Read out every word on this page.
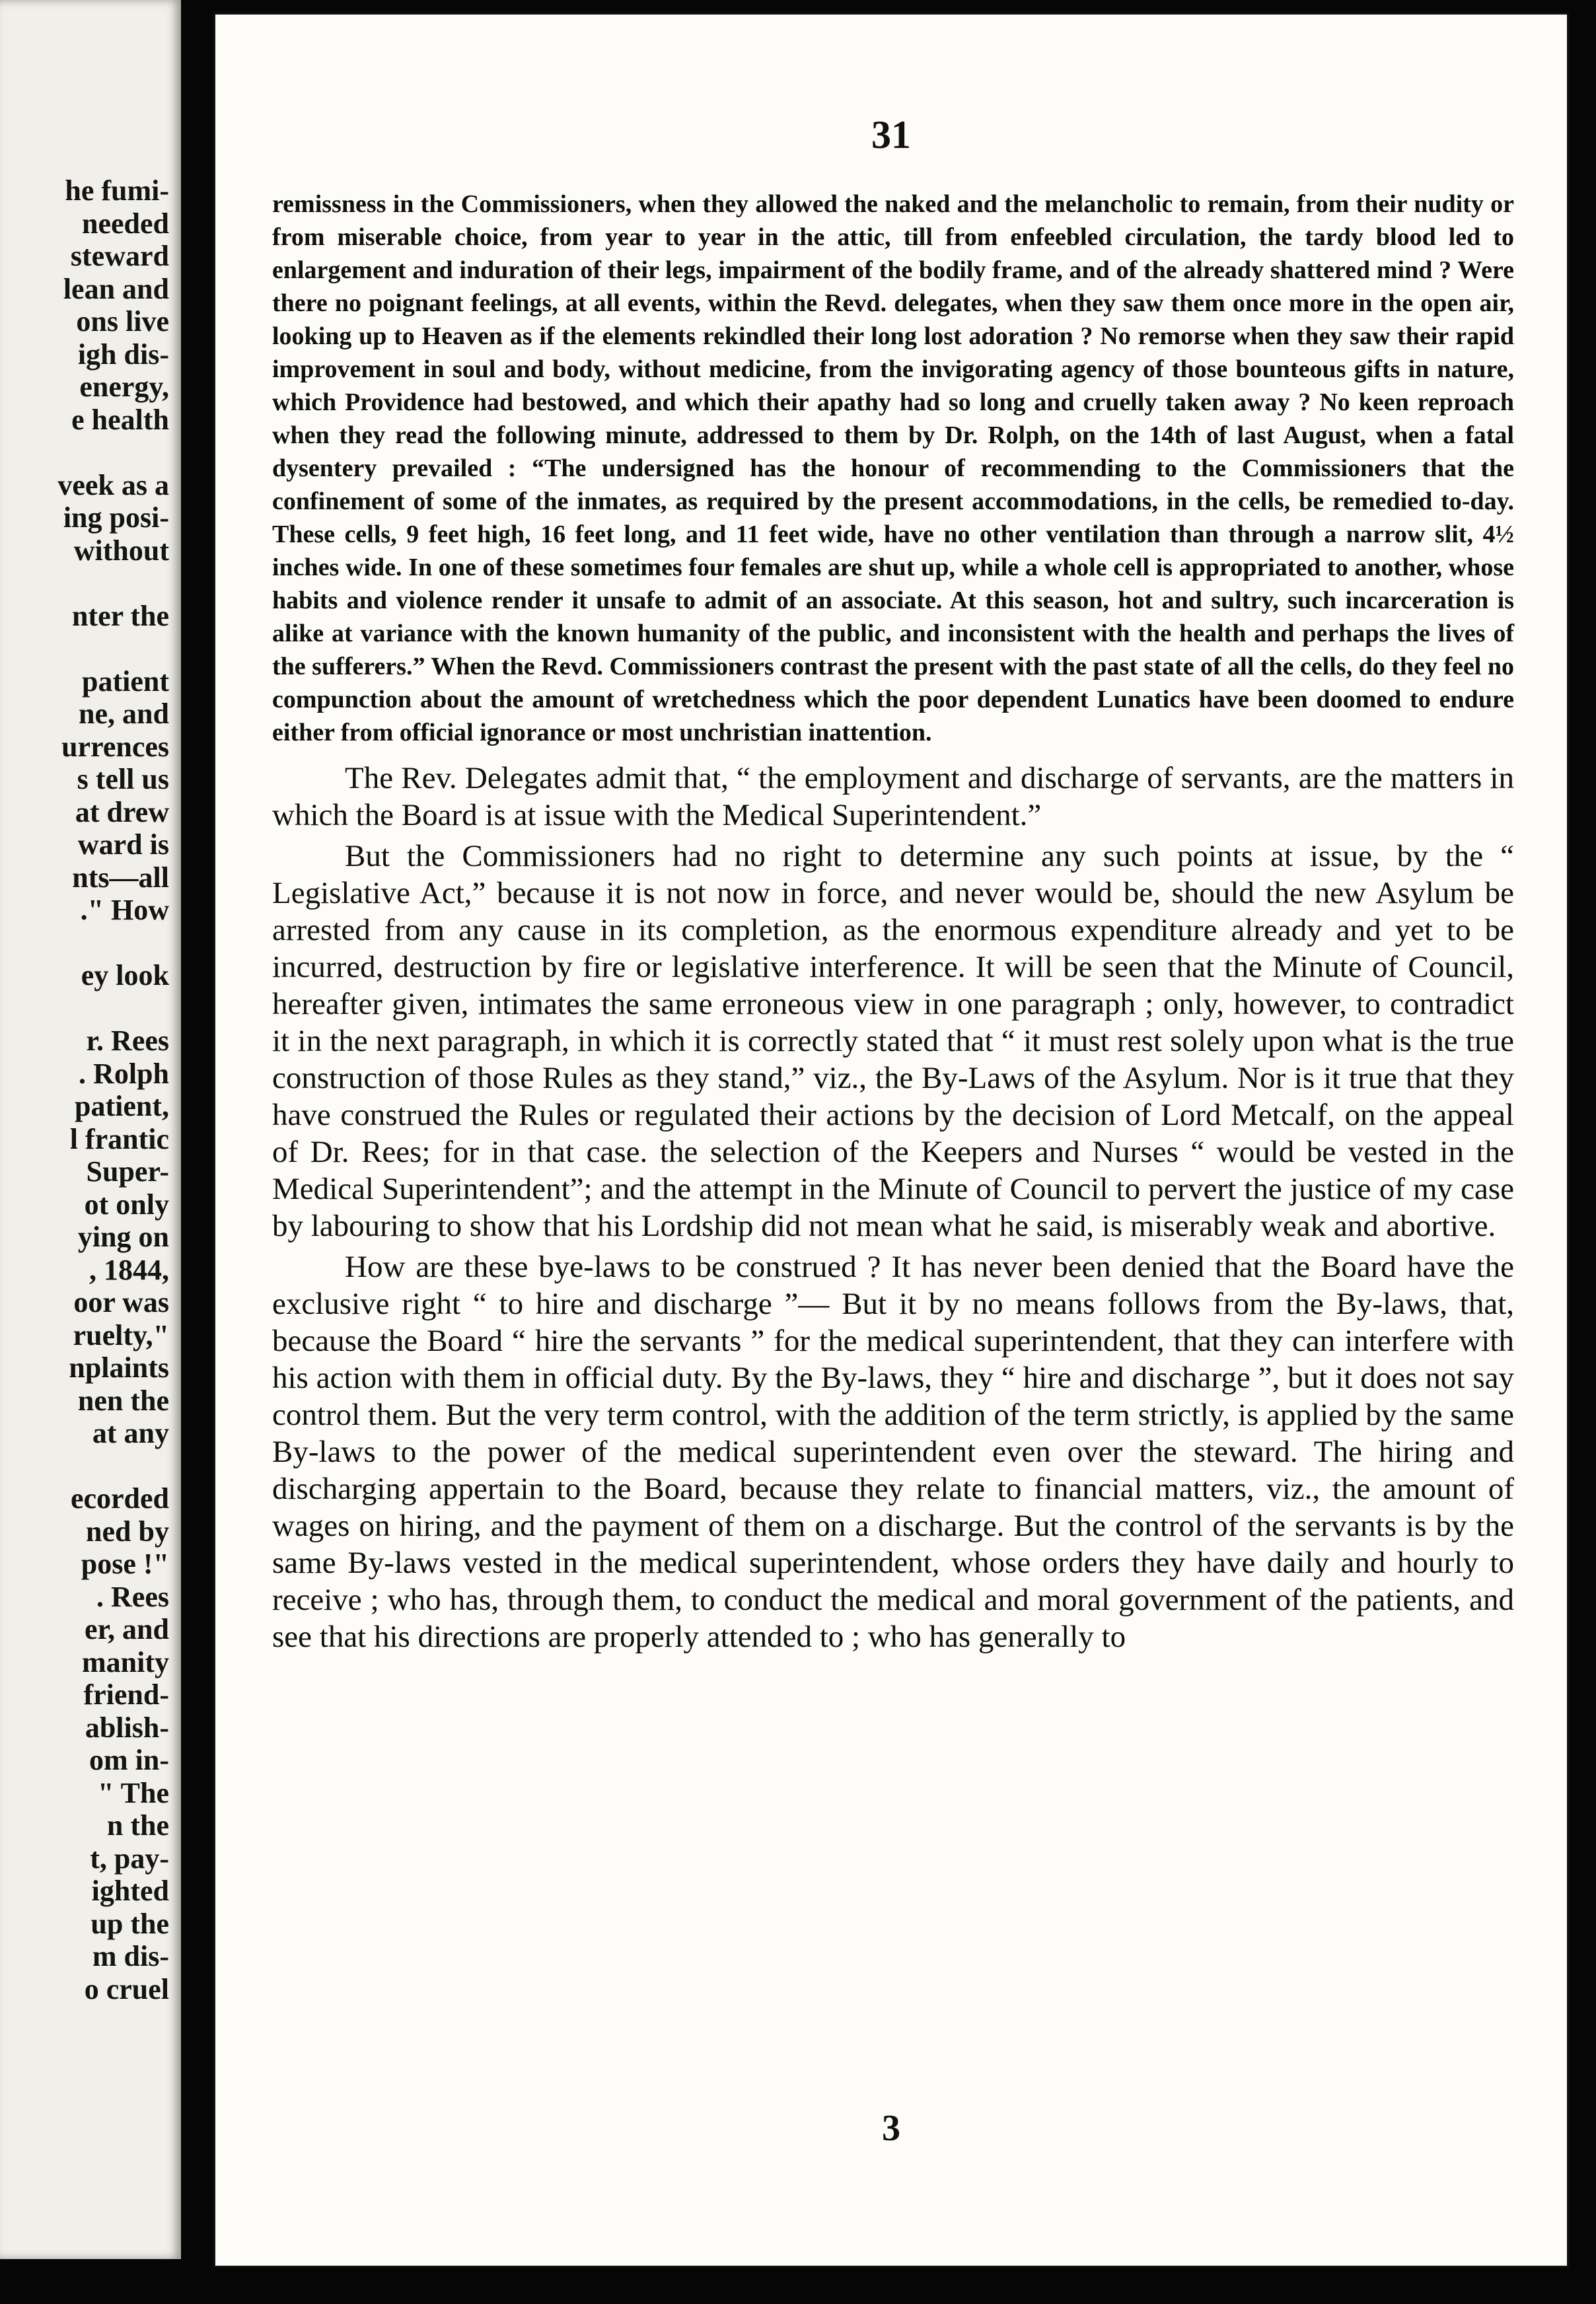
he fumi-
needed
steward
lean and
ons live
igh dis-
energy,
e health
veek as a
ing posi-
without
nter the
patient
ne, and
urrences
s tell us
at drew
ward is
nts—all
." How
ey look
r. Rees
. Rolph
patient,
l frantic
Super-
ot only
ying on
, 1844,
oor was
ruelty,"
nplaints
nen the
at any
ecorded
ned by
pose !"
. Rees
er, and
manity
friend-
ablish-
om in-
" The
n the
t, pay-
ighted
up the
m dis-
o cruel
31

remissness in the Commissioners, when they allowed the naked and the melancholic to remain, from their nudity or from miserable choice, from year to year in the attic, till from enfeebled circulation, the tardy blood led to enlargement and induration of their legs, impairment of the bodily frame, and of the already shattered mind ? Were there no poignant feelings, at all events, within the Revd. delegates, when they saw them once more in the open air, looking up to Heaven as if the elements rekindled their long lost adoration ? No remorse when they saw their rapid improvement in soul and body, without medicine, from the invigorating agency of those bounteous gifts in nature, which Providence had bestowed, and which their apathy had so long and cruelly taken away ? No keen reproach when they read the following minute, addressed to them by Dr. Rolph, on the 14th of last August, when a fatal dysentery prevailed : “The undersigned has the honour of recommending to the Commissioners that the confinement of some of the inmates, as required by the present accommodations, in the cells, be remedied to-day. These cells, 9 feet high, 16 feet long, and 11 feet wide, have no other ventilation than through a narrow slit, 4½ inches wide. In one of these sometimes four females are shut up, while a whole cell is appropriated to another, whose habits and violence render it unsafe to admit of an associate. At this season, hot and sultry, such incarceration is alike at variance with the known humanity of the public, and inconsistent with the health and perhaps the lives of the sufferers.” When the Revd. Commissioners contrast the present with the past state of all the cells, do they feel no compunction about the amount of wretchedness which the poor dependent Lunatics have been doomed to endure either from official ignorance or most unchristian inattention.

The Rev. Delegates admit that, “ the employment and discharge of servants, are the matters in which the Board is at issue with the Medical Superintendent.”

But the Commissioners had no right to determine any such points at issue, by the “ Legislative Act,” because it is not now in force, and never would be, should the new Asylum be arrested from any cause in its completion, as the enormous expenditure already and yet to be incurred, destruction by fire or legislative interference. It will be seen that the Minute of Council, hereafter given, intimates the same erroneous view in one paragraph ; only, however, to contradict it in the next paragraph, in which it is correctly stated that “ it must rest solely upon what is the true construction of those Rules as they stand,” viz., the By-Laws of the Asylum. Nor is it true that they have construed the Rules or regulated their actions by the decision of Lord Metcalf, on the appeal of Dr. Rees; for in that case. the selection of the Keepers and Nurses “ would be vested in the Medical Superintendent”; and the attempt in the Minute of Council to pervert the justice of my case by labouring to show that his Lordship did not mean what he said, is miserably weak and abortive.

How are these bye-laws to be construed ? It has never been denied that the Board have the exclusive right “ to hire and discharge ”— But it by no means follows from the By-laws, that, because the Board “ hire the servants ” for the medical superintendent, that they can interfere with his action with them in official duty. By the By-laws, they “ hire and discharge ”, but it does not say control them. But the very term control, with the addition of the term strictly, is applied by the same By-laws to the power of the medical superintendent even over the steward. The hiring and discharging appertain to the Board, because they relate to financial matters, viz., the amount of wages on hiring, and the payment of them on a discharge. But the control of the servants is by the same By-laws vested in the medical superintendent, whose orders they have daily and hourly to receive ; who has, through them, to conduct the medical and moral government of the patients, and see that his directions are properly attended to ; who has generally to

3
